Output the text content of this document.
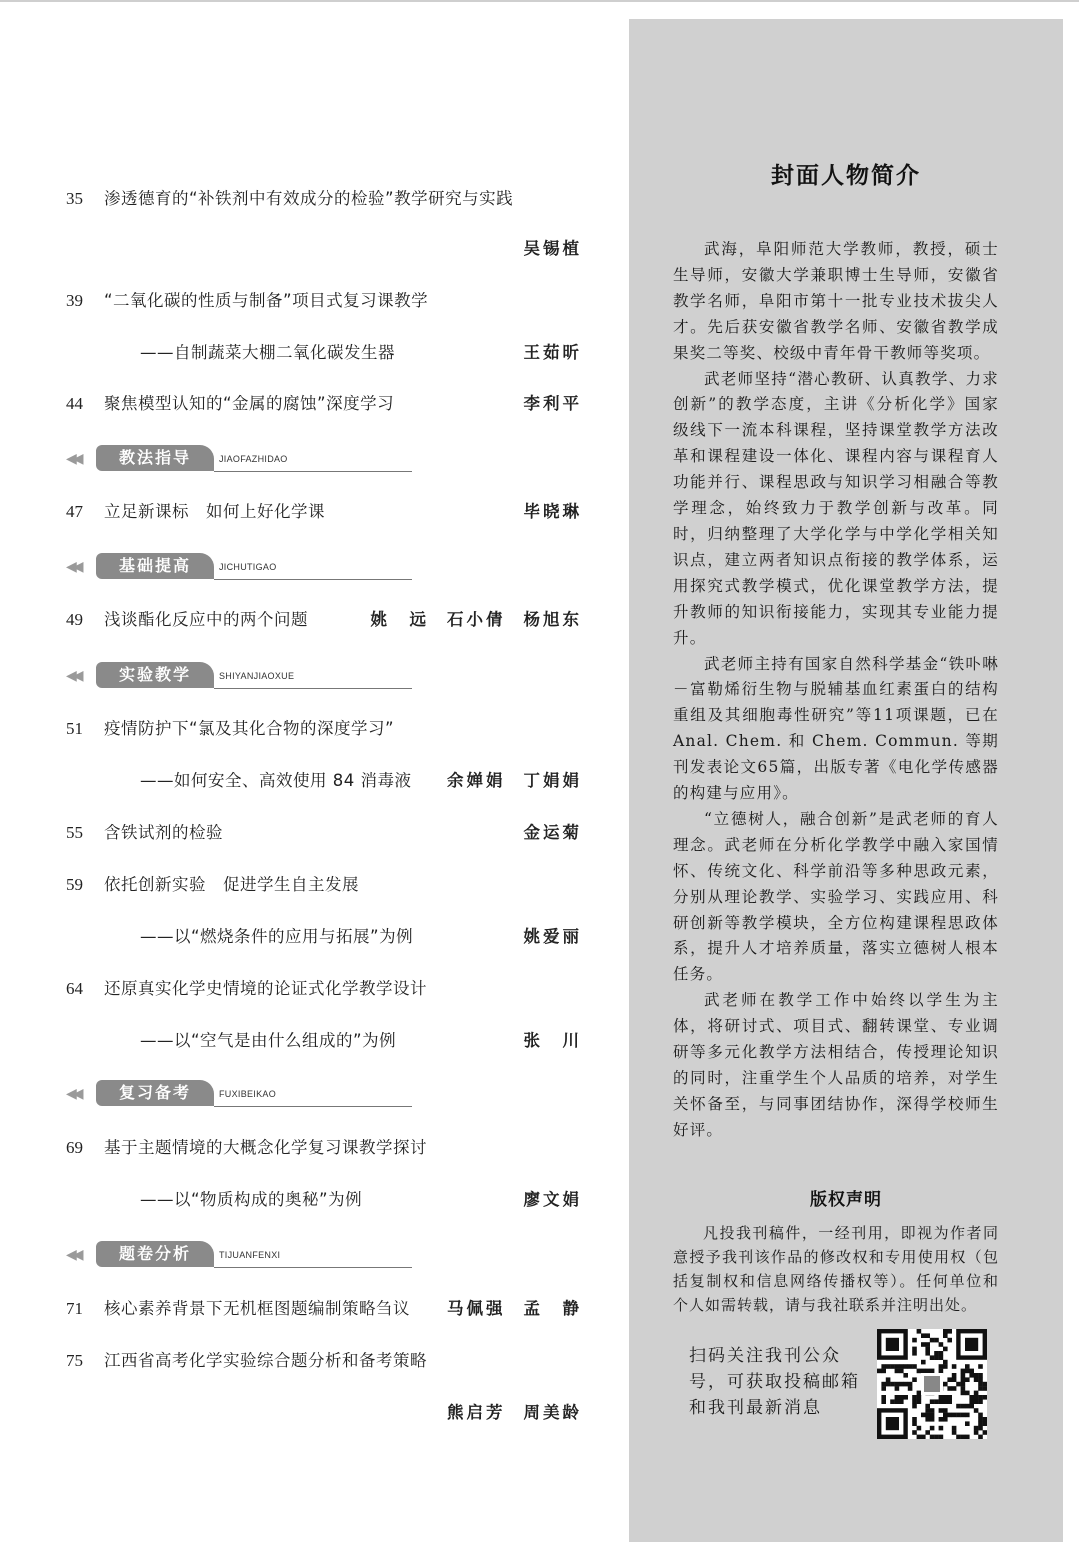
35 渗透德育的“补铁剂中有效成分的检验”教学研究与实践
吴锡植
39 “二氧化碳的性质与制备”项目式复习课教学
——自制蔬菜大棚二氧化碳发生器	王茹昕
44 聚焦模型认知的“金属的腐蚀”深度学习	李利平
47 立足新课标　如何上好化学课	毕晓琳
49 浅谈酯化反应中的两个问题	姚　远 石小倩 杨旭东
51 疫情防护下“氯及其化合物的深度学习”
——如何安全、高效使用 84 消毒液	余婵娟 丁娟娟
55 含铁试剂的检验	金运菊
59 依托创新实验　促进学生自主发展
——以“燃烧条件的应用与拓展”为例	姚爱丽
64 还原真实化学史情境的论证式化学教学设计
——以“空气是由什么组成的”为例	张　川
69 基于主题情境的大概念化学复习课教学探讨
——以“物质构成的奥秘”为例	廖文娟
71 核心素养背景下无机框图题编制策略刍议	马佩强 孟　静
75 江西省高考化学实验综合题分析和备考策略
熊启芳 周美龄
◀◀	教法指导	JIAOFAZHIDAO
◀◀	基础提高	JICHUTIGAO
◀◀	实验教学	SHIYANJIAOXUE
◀◀	复习备考	FUXIBEIKAO
◀◀	题卷分析	TIJUANFENXI
封面人物简介

武海，阜阳师范大学教师，教授，硕士生导师，安徽大学兼职博士生导师，安徽省教学名师，阜阳市第十一批专业技术拔尖人才。先后获安徽省教学名师、安徽省教学成果奖二等奖、校级中青年骨干教师等奖项。

武老师坚持“潜心教研、认真教学、力求创新”的教学态度，主讲《分析化学》国家级线下一流本科课程，坚持课堂教学方法改革和课程建设一体化、课程内容与课程育人功能并行、课程思政与知识学习相融合等教学理念，始终致力于教学创新与改革。同时，归纳整理了大学化学与中学化学相关知识点，建立两者知识点衔接的教学体系，运用探究式教学模式，优化课堂教学方法，提升教师的知识衔接能力，实现其专业能力提升。

武老师主持有国家自然科学基金“铁卟啉－富勒烯衍生物与脱辅基血红素蛋白的结构重组及其细胞毒性研究”等11项课题，已在 Anal. Chem. 和 Chem. Commun. 等期刊发表论文65篇，出版专著《电化学传感器的构建与应用》。

“立德树人，融合创新”是武老师的育人理念。武老师在分析化学教学中融入家国情怀、传统文化、科学前沿等多种思政元素，分别从理论教学、实验学习、实践应用、科研创新等教学模块，全方位构建课程思政体系，提升人才培养质量，落实立德树人根本任务。

武老师在教学工作中始终以学生为主体，将研讨式、项目式、翻转课堂、专业调研等多元化教学方法相结合，传授理论知识的同时，注重学生个人品质的培养，对学生关怀备至，与同事团结协作，深得学校师生好评。

版权声明

凡投我刊稿件，一经刊用，即视为作者同意授予我刊该作品的修改权和专用使用权（包括复制权和信息网络传播权等）。任何单位和个人如需转载，请与我社联系并注明出处。

扫码关注我刊公众号，可获取投稿邮箱和我刊最新消息
